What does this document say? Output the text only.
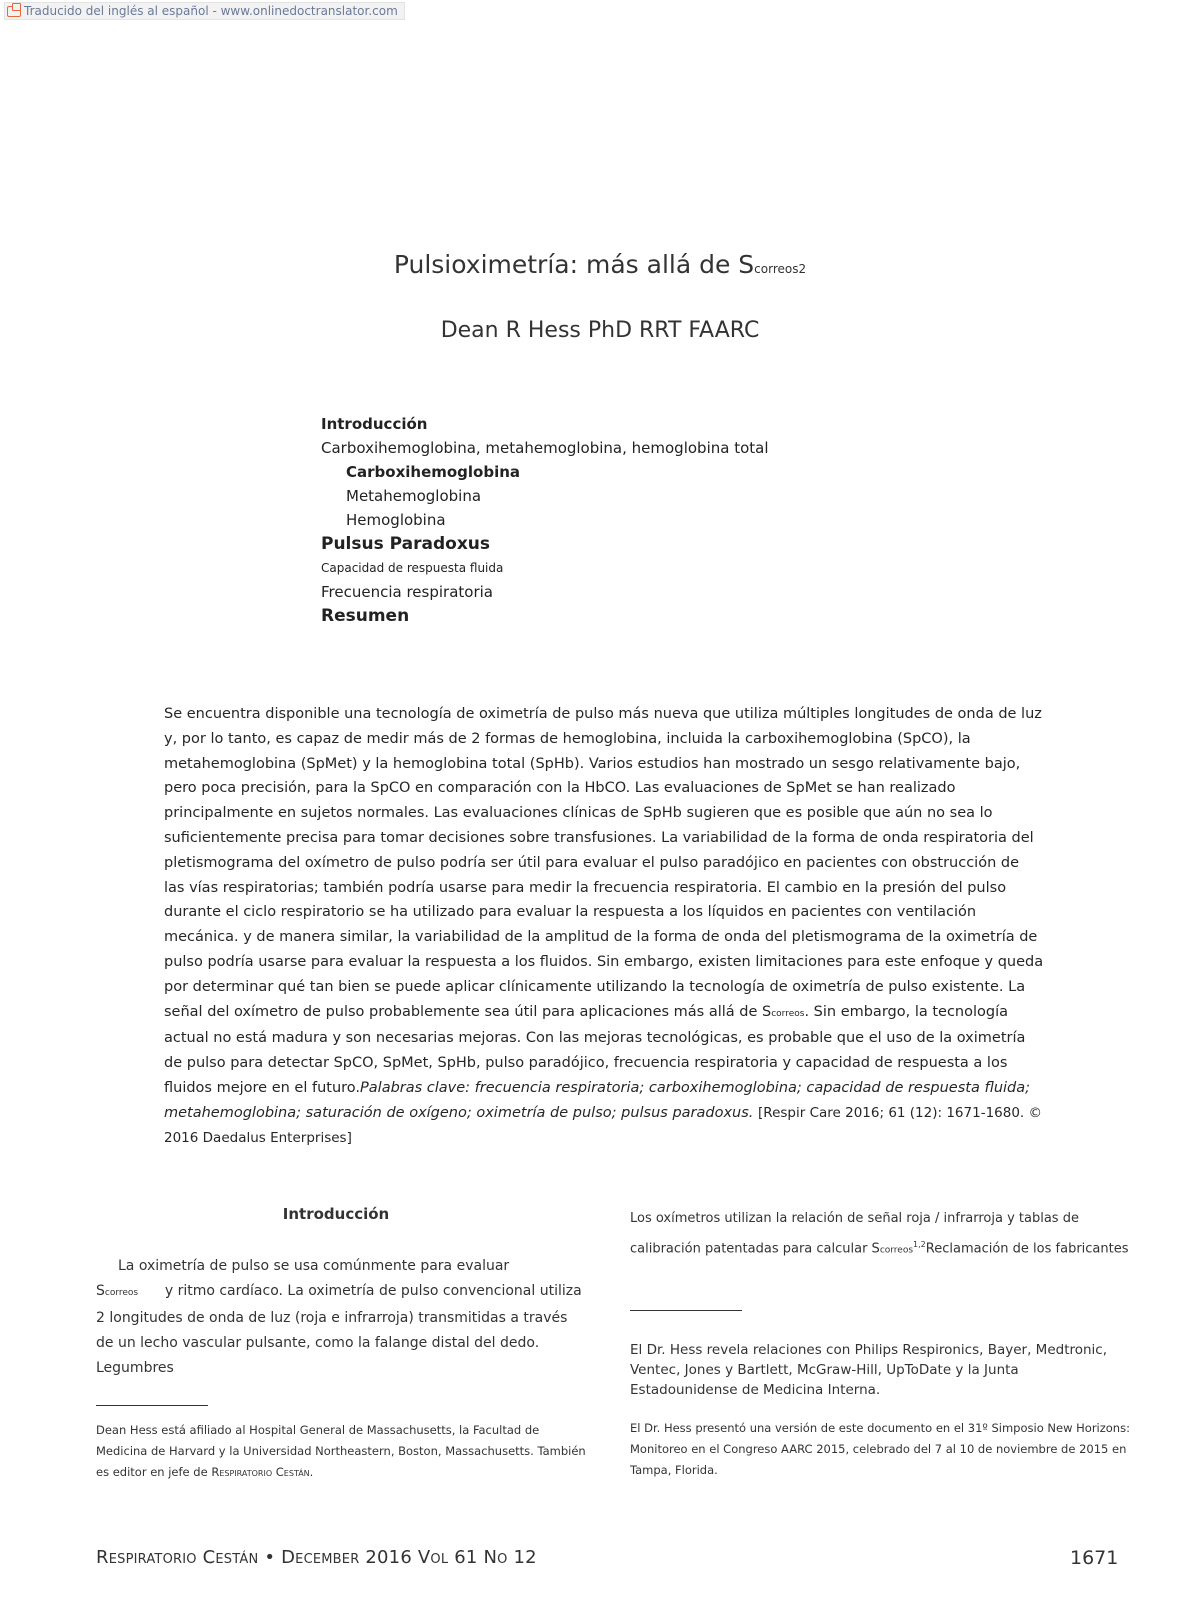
Traducido del inglés al español - www.onlinedoctranslator.com
Pulsioximetría: más allá de Scorreos2
Dean R Hess PhD RRT FAARC
Introducción
Carboxihemoglobina, metahemoglobina, hemoglobina total
Carboxihemoglobina
Metahemoglobina
Hemoglobina
Pulsus Paradoxus
Capacidad de respuesta fluida
Frecuencia respiratoria
Resumen
Se encuentra disponible una tecnología de oximetría de pulso más nueva que utiliza múltiples longitudes de onda de luz y, por lo tanto, es capaz de medir más de 2 formas de hemoglobina, incluida la carboxihemoglobina (SpCO), la metahemoglobina (SpMet) y la hemoglobina total (SpHb). Varios estudios han mostrado un sesgo relativamente bajo, pero poca precisión, para la SpCO en comparación con la HbCO. Las evaluaciones de SpMet se han realizado principalmente en sujetos normales. Las evaluaciones clínicas de SpHb sugieren que es posible que aún no sea lo suficientemente precisa para tomar decisiones sobre transfusiones. La variabilidad de la forma de onda respiratoria del pletismograma del oxímetro de pulso podría ser útil para evaluar el pulso paradójico en pacientes con obstrucción de las vías respiratorias; también podría usarse para medir la frecuencia respiratoria. El cambio en la presión del pulso durante el ciclo respiratorio se ha utilizado para evaluar la respuesta a los líquidos en pacientes con ventilación mecánica. y de manera similar, la variabilidad de la amplitud de la forma de onda del pletismograma de la oximetría de pulso podría usarse para evaluar la respuesta a los fluidos. Sin embargo, existen limitaciones para este enfoque y queda por determinar qué tan bien se puede aplicar clínicamente utilizando la tecnología de oximetría de pulso existente. La señal del oxímetro de pulso probablemente sea útil para aplicaciones más allá de Scorreos. Sin embargo, la tecnología actual no está madura y son necesarias mejoras. Con las mejoras tecnológicas, es probable que el uso de la oximetría de pulso para detectar SpCO, SpMet, SpHb, pulso paradójico, frecuencia respiratoria y capacidad de respuesta a los fluidos mejore en el futuro.Palabras clave: frecuencia respiratoria; carboxihemoglobina; capacidad de respuesta fluida; metahemoglobina; saturación de oxígeno; oximetría de pulso; pulsus paradoxus. [Respir Care 2016; 61 (12): 1671-1680. © 2016 Daedalus Enterprises]
Introducción
La oximetría de pulso se usa comúnmente para evaluar Scorreos y ritmo cardíaco. La oximetría de pulso convencional utiliza 2 longitudes de onda de luz (roja e infrarroja) transmitidas a través de un lecho vascular pulsante, como la falange distal del dedo. Legumbres
Dean Hess está afiliado al Hospital General de Massachusetts, la Facultad de Medicina de Harvard y la Universidad Northeastern, Boston, Massachusetts. También es editor en jefe de Respiratorio Cestán.
Los oxímetros utilizan la relación de señal roja / infrarroja y tablas de calibración patentadas para calcular Scorreos$^{1,2}$Reclamación de los fabricantes
El Dr. Hess revela relaciones con Philips Respironics, Bayer, Medtronic, Ventec, Jones y Bartlett, McGraw-Hill, UpToDate y la Junta Estadounidense de Medicina Interna.
El Dr. Hess presentó una versión de este documento en el 31º Simposio New Horizons: Monitoreo en el Congreso AARC 2015, celebrado del 7 al 10 de noviembre de 2015 en Tampa, Florida.
Respiratorio Cestán • December 2016 Vol 61 No 12	1671
